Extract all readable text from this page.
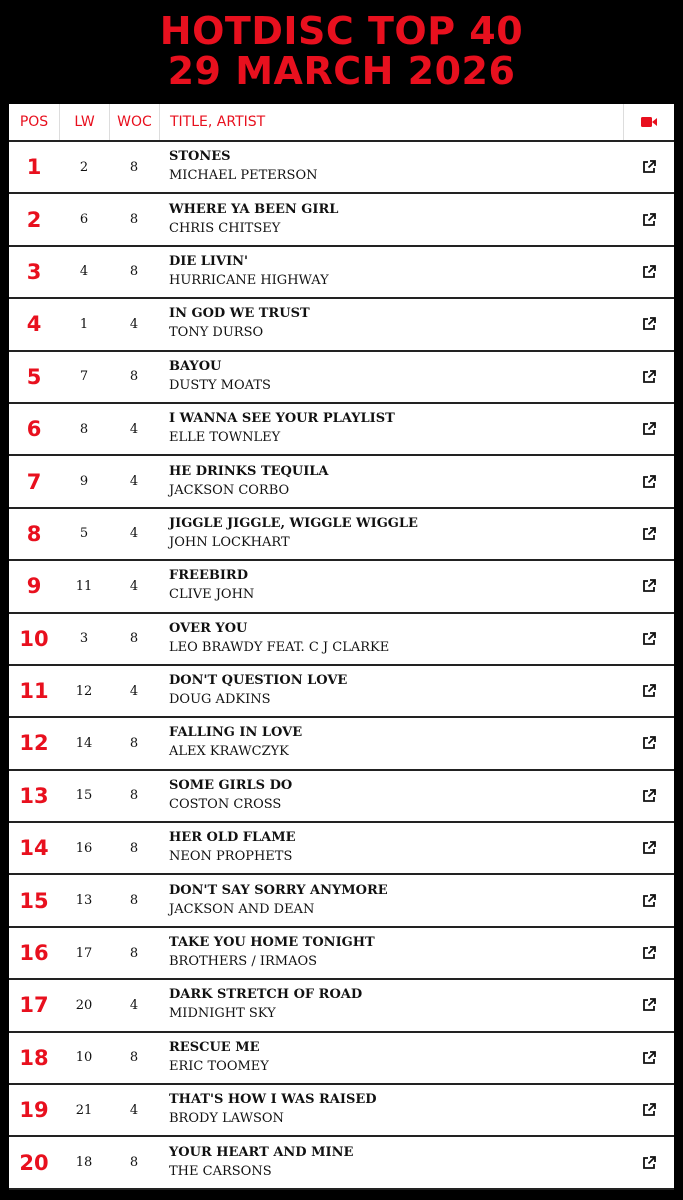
HOTDISC TOP 40
29 MARCH 2026
POS	LW	WOC	TITLE, ARTIST
1	2	8
STONES
MICHAEL PETERSON
2	6	8
WHERE YA BEEN GIRL
CHRIS CHITSEY
3	4	8
DIE LIVIN'
HURRICANE HIGHWAY
4	1	4
IN GOD WE TRUST
TONY DURSO
5	7	8
BAYOU
DUSTY MOATS
6	8	4
I WANNA SEE YOUR PLAYLIST
ELLE TOWNLEY
7	9	4
HE DRINKS TEQUILA
JACKSON CORBO
8	5	4
JIGGLE JIGGLE, WIGGLE WIGGLE
JOHN LOCKHART
9	11	4
FREEBIRD
CLIVE JOHN
10	3	8
OVER YOU
LEO BRAWDY FEAT. C J CLARKE
11	12	4
DON'T QUESTION LOVE
DOUG ADKINS
12	14	8
FALLING IN LOVE
ALEX KRAWCZYK
13	15	8
SOME GIRLS DO
COSTON CROSS
14	16	8
HER OLD FLAME
NEON PROPHETS
15	13	8
DON'T SAY SORRY ANYMORE
JACKSON AND DEAN
16	17	8
TAKE YOU HOME TONIGHT
BROTHERS / IRMAOS
17	20	4
DARK STRETCH OF ROAD
MIDNIGHT SKY
18	10	8
RESCUE ME
ERIC TOOMEY
19	21	4
THAT'S HOW I WAS RAISED
BRODY LAWSON
20	18	8
YOUR HEART AND MINE
THE CARSONS
